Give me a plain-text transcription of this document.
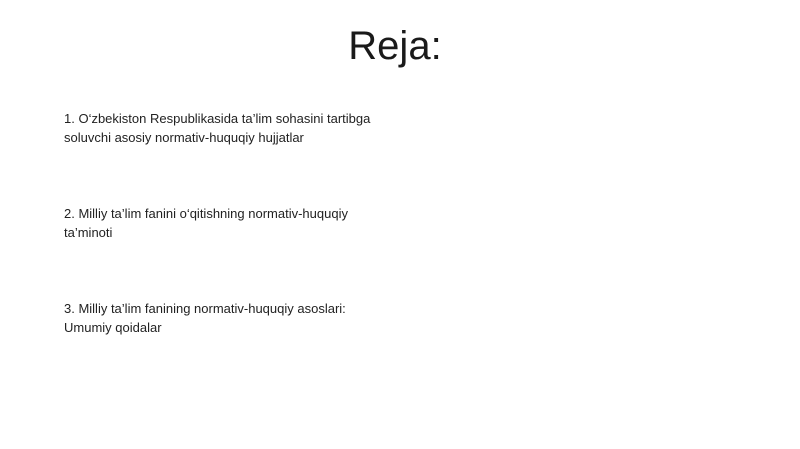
Reja:
1. O‘zbekiston Respublikasida ta’lim sohasini tartibga
soluvchi asosiy normativ-huquqiy hujjatlar
2. Milliy ta’lim fanini o‘qitishning normativ-huquqiy
ta’minoti
3. Milliy ta’lim fanining normativ-huquqiy asoslari:
Umumiy qoidalar
